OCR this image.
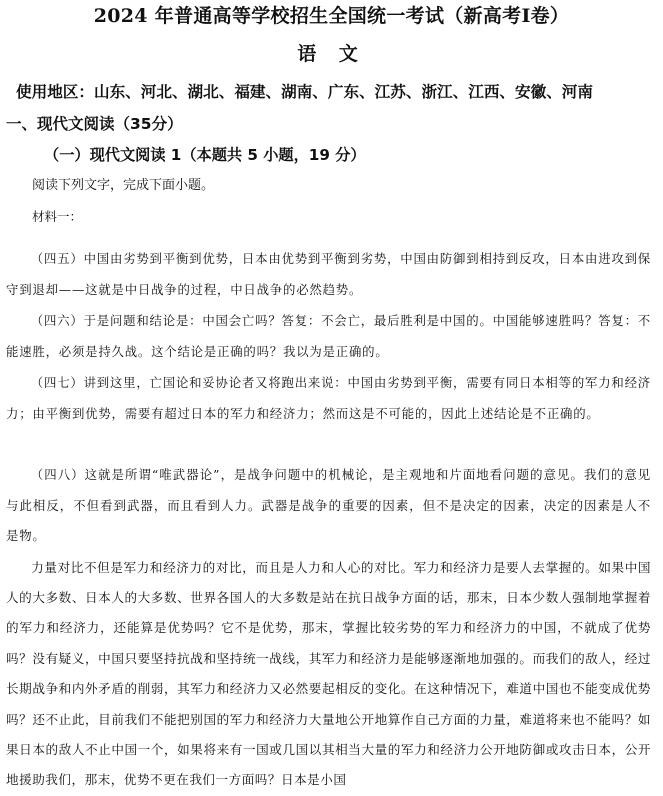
2024 年普通高等学校招生全国统一考试（新高考Ⅰ卷）
语 文
使用地区：山东、河北、湖北、福建、湖南、广东、江苏、浙江、江西、安徽、河南
一、现代文阅读（35分）
（一）现代文阅读 1（本题共 5 小题，19 分）
阅读下列文字，完成下面小题。
材料一：

（四五）中国由劣势到平衡到优势，日本由优势到平衡到劣势，中国由防御到相持到反攻，日本由进攻到保守到退却——这就是中日战争的过程，中日战争的必然趋势。

（四六）于是问题和结论是：中国会亡吗？答复：不会亡，最后胜利是中国的。中国能够速胜吗？答复：不能速胜，必须是持久战。这个结论是正确的吗？我以为是正确的。

（四七）讲到这里，亡国论和妥协论者又将跑出来说：中国由劣势到平衡，需要有同日本相等的军力和经济力；由平衡到优势，需要有超过日本的军力和经济力；然而这是不可能的，因此上述结论是不正确的。

（四八）这就是所谓“唯武器论”，是战争问题中的机械论，是主观地和片面地看问题的意见。我们的意见与此相反，不但看到武器，而且看到人力。武器是战争的重要的因素，但不是决定的因素，决定的因素是人不是物。

力量对比不但是军力和经济力的对比，而且是人力和人心的对比。军力和经济力是要人去掌握的。如果中国人的大多数、日本人的大多数、世界各国人的大多数是站在抗日战争方面的话，那末，日本少数人强制地掌握着的军力和经济力，还能算是优势吗？它不是优势，那末，掌握比较劣势的军力和经济力的中国，不就成了优势吗？没有疑义，中国只要坚持抗战和坚持统一战线，其军力和经济力是能够逐渐地加强的。而我们的敌人，经过长期战争和内外矛盾的削弱，其军力和经济力又必然要起相反的变化。在这种情况下，难道中国也不能变成优势吗？还不止此，目前我们不能把别国的军力和经济力大量地公开地算作自己方面的力量，难道将来也不能吗？如果日本的敌人不止中国一个，如果将来有一国或几国以其相当大量的军力和经济力公开地防御或攻击日本，公开地援助我们，那末，优势不更在我们一方面吗？日本是小国
